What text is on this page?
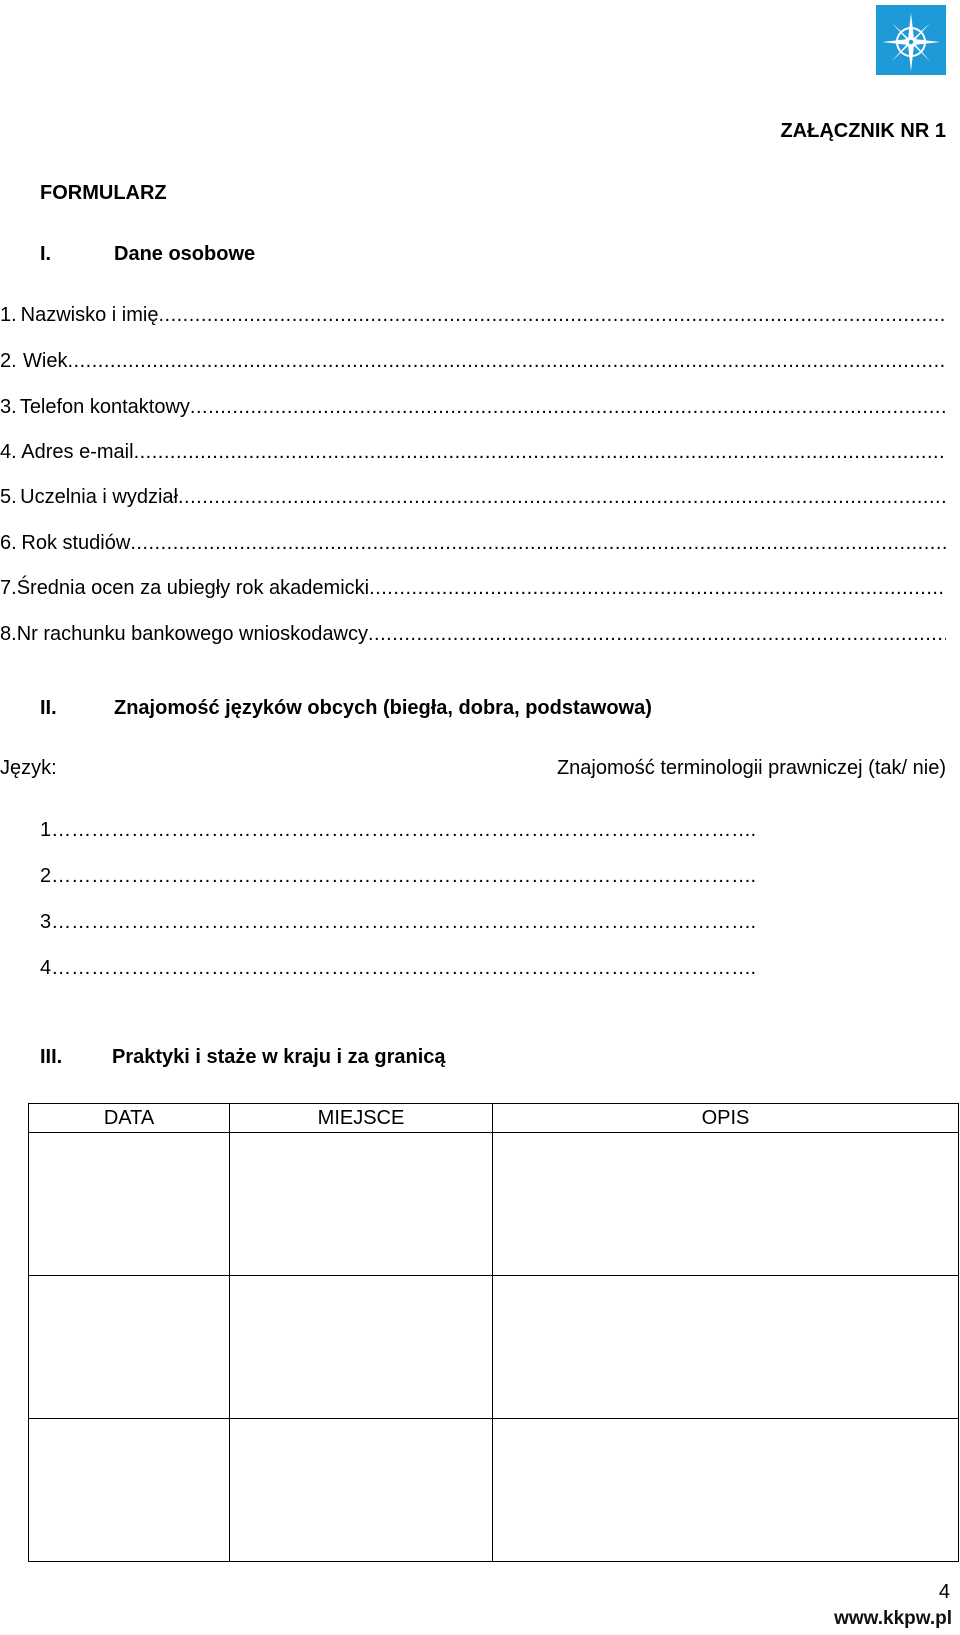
ZAŁĄCZNIK NR 1
FORMULARZ
I.	Dane osobowe
1. Nazwisko i imię
.....
2. Wiek
.....
3. Telefon kontaktowy
.....
4. Adres e-mail
.....
5. Uczelnia i wydział
.....
6. Rok studiów
.....
7. Średnia ocen za ubiegły rok akademicki
.....
8. Nr rachunku bankowego wnioskodawcy
.....
II.	Znajomość języków obcych (biegła, dobra, podstawowa)
Język:	Znajomość terminologii prawniczej (tak/ nie)
1 ……………………………………………………………………………………………………………………………………………………………………………………………………………………	.
2 ……………………………………………………………………………………………………………………………………………………………………………………………………………………	.
3 ……………………………………………………………………………………………………………………………………………………………………………………………………………………	.
4 ……………………………………………………………………………………………………………………………………………………………………………………………………………………	.
III. Praktyki i staże w kraju i za granicą
DATA	MIEJSCE	OPIS

4
www.kkpw.pl
